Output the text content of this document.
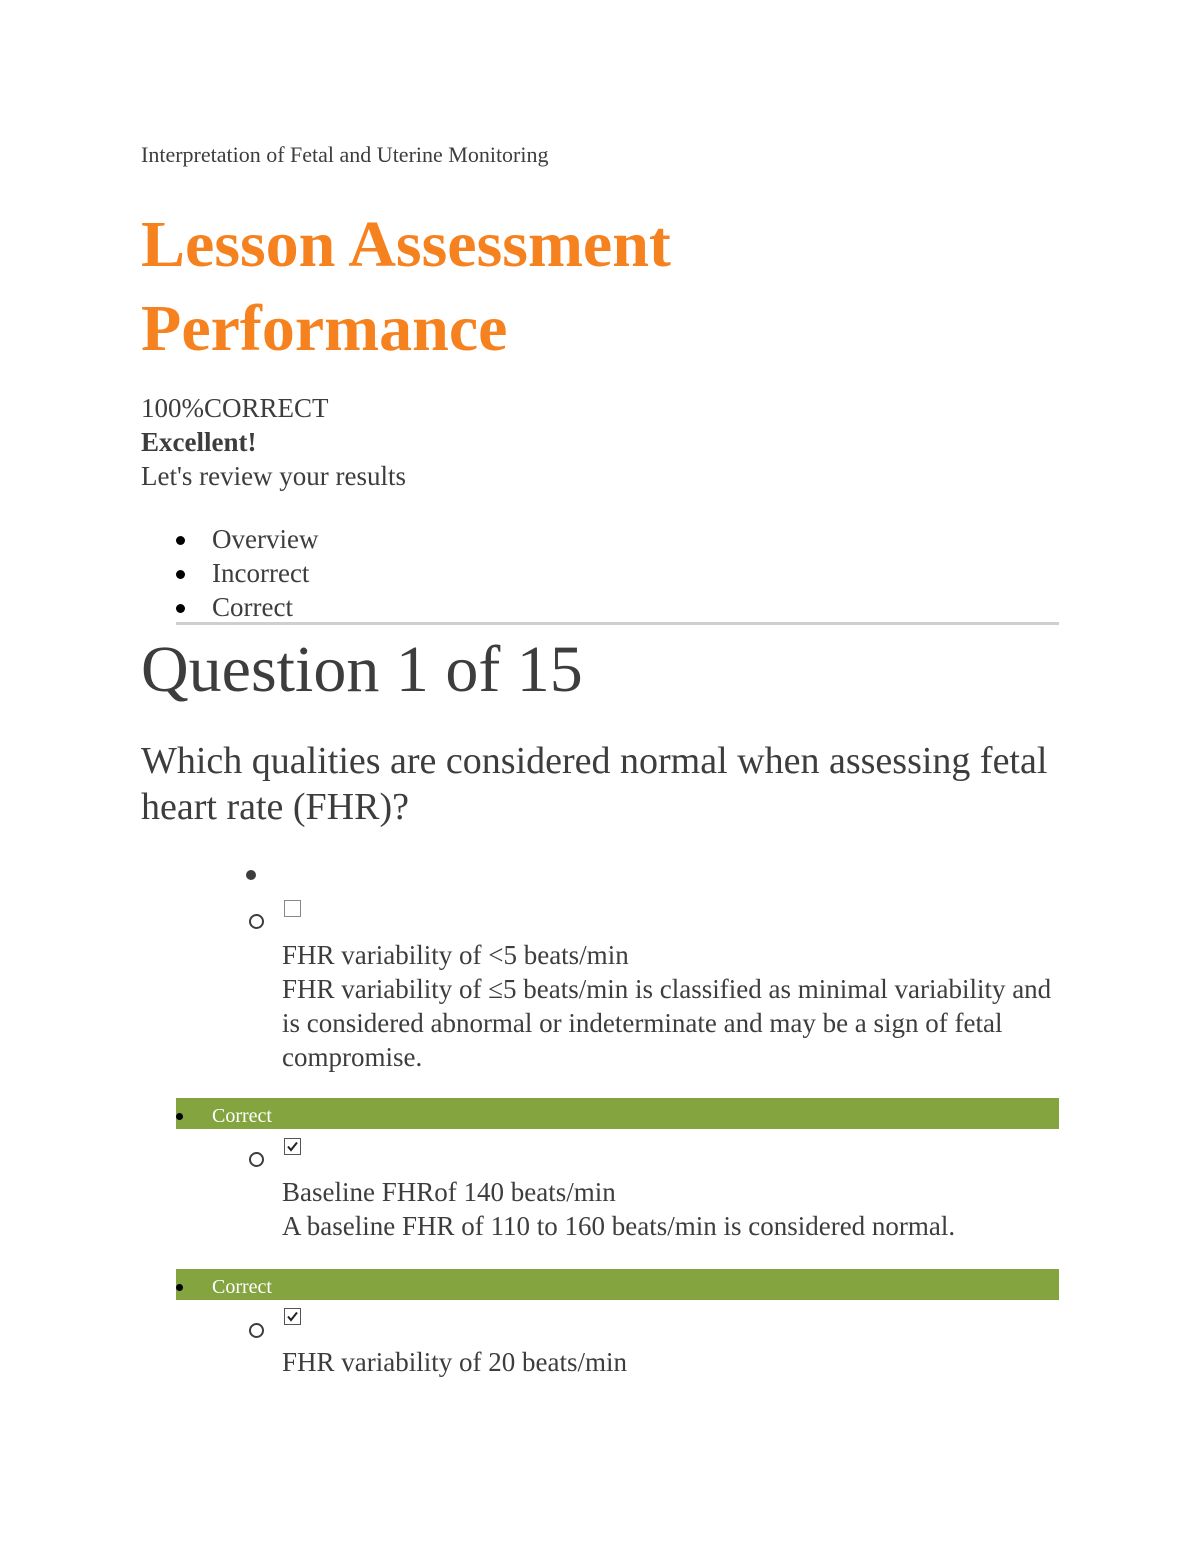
Interpretation of Fetal and Uterine Monitoring
Lesson Assessment Performance
100%CORRECT
Excellent!
Let's review your results
Overview
Incorrect
Correct
Question 1 of 15
Which qualities are considered normal when assessing fetal heart rate (FHR)?
FHR variability of <5 beats/min
FHR variability of ≤5 beats/min is classified as minimal variability and is considered abnormal or indeterminate and may be a sign of fetal compromise.
Correct
Baseline FHRof 140 beats/min
A baseline FHR of 110 to 160 beats/min is considered normal.
Correct
FHR variability of 20 beats/min
